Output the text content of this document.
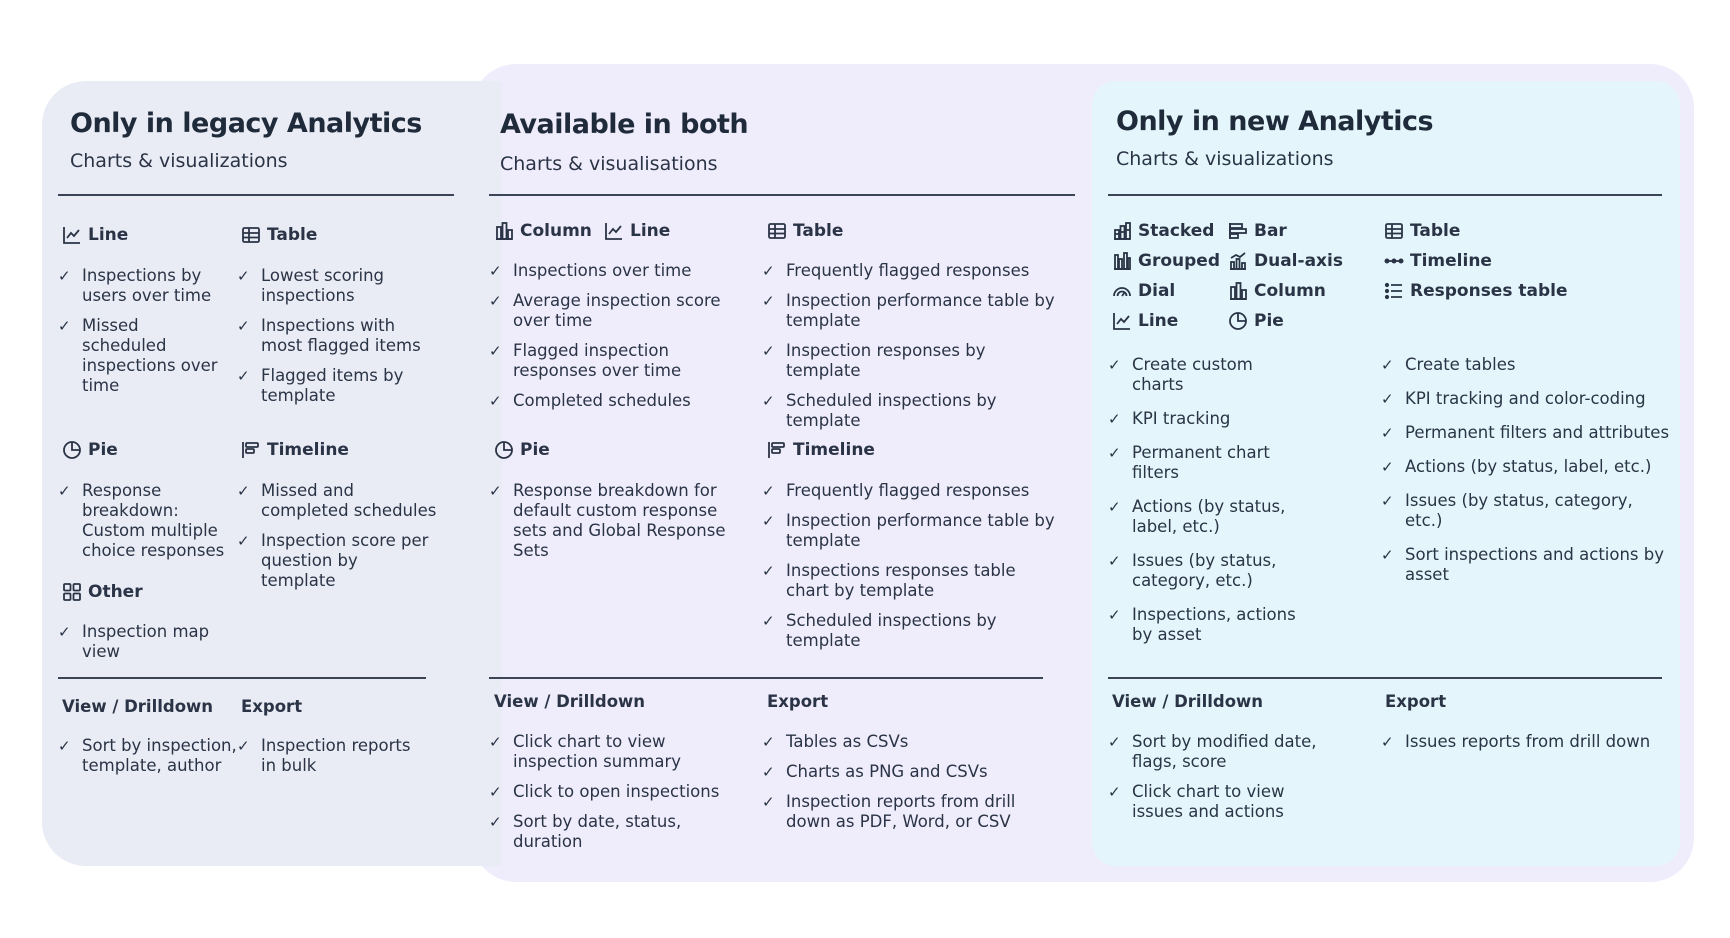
Only in legacy Analytics
Charts & visualizations
Line
✓ Inspections by users over time
✓ Missed scheduled inspections over time
Table
✓ Lowest scoring inspections
✓ Inspections with most flagged items
✓ Flagged items by template
Pie
✓ Response breakdown: Custom multiple choice responses
Timeline
✓ Missed and completed schedules
✓ Inspection score per question by template
Other
✓ Inspection map view
View / Drilldown
✓ Sort by inspection, template, author
Export
✓ Inspection reports in bulk
Available in both
Charts & visualisations
Column Line
✓ Inspections over time
✓ Average inspection score over time
✓ Flagged inspection responses over time
✓ Completed schedules
Table
✓ Frequently flagged responses
✓ Inspection performance table by template
✓ Inspection responses by template
✓ Scheduled inspections by template
Pie
✓ Response breakdown for default custom response sets and Global Response Sets
Timeline
✓ Frequently flagged responses
✓ Inspection performance table by template
✓ Inspections responses table chart by template
✓ Scheduled inspections by template
View / Drilldown
✓ Click chart to view inspection summary
✓ Click to open inspections
✓ Sort by date, status, duration
Export
✓ Tables as CSVs
✓ Charts as PNG and CSVs
✓ Inspection reports from drill down as PDF, Word, or CSV
Only in new Analytics
Charts & visualizations
Stacked Bar
Grouped Dual-axis
Dial	Column
Line	Pie
Table
Timeline
Responses table
✓ Create custom charts
✓ KPI tracking
✓ Permanent chart filters
✓ Actions (by status, label, etc.)
✓ Issues (by status, category, etc.)
✓ Inspections, actions by asset
✓ Create tables
✓ KPI tracking and color-coding
✓ Permanent filters and attributes
✓ Actions (by status, label, etc.)
✓ Issues (by status, category, etc.)
✓ Sort inspections and actions by asset
View / Drilldown
✓ Sort by modified date, flags, score
✓ Click chart to view issues and actions
Export
✓ Issues reports from drill down
